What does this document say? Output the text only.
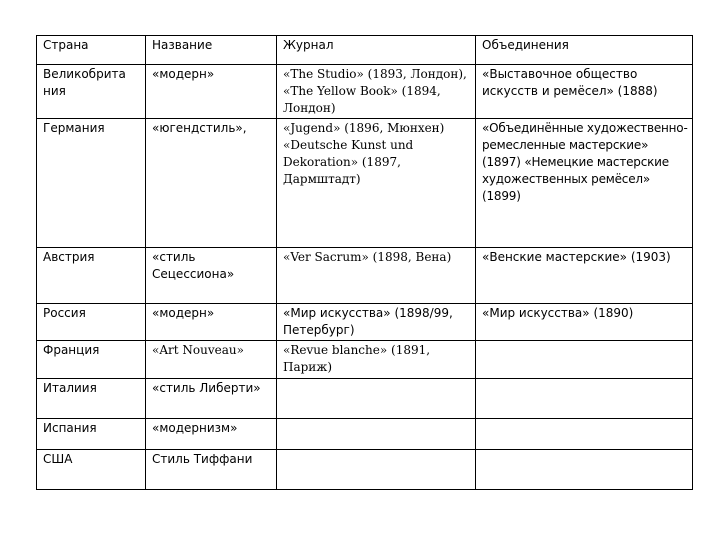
Страна	Название	Журнал	Объединения
Великобрита ния	«модерн»	«The Studio» (1893, Лондон), «The Yellow Book» (1894, Лондон)	«Выставочное общество искусств и ремёсел» (1888)
Германия	«югендстиль»,	«Jugend» (1896, Мюнхен) «Deutsche Kunst und Dekoration» (1897, Дармштадт)	«Объединённые художественно-ремесленные мастерские» (1897) «Немецкие мастерские художественных ремёсел» (1899)
Австрия	«стиль Сецессиона»	«Ver Sacrum» (1898, Вена)	«Венские мастерские» (1903)
Россия	«модерн»	«Мир искусства» (1898/99, Петербург)	«Мир искусства» (1890)
Франция	«Art Nouveau»	«Revue blanche» (1891, Париж)	
Италиия	«стиль Либерти»		
Испания	«модернизм»		
США	Стиль Тиффани		
